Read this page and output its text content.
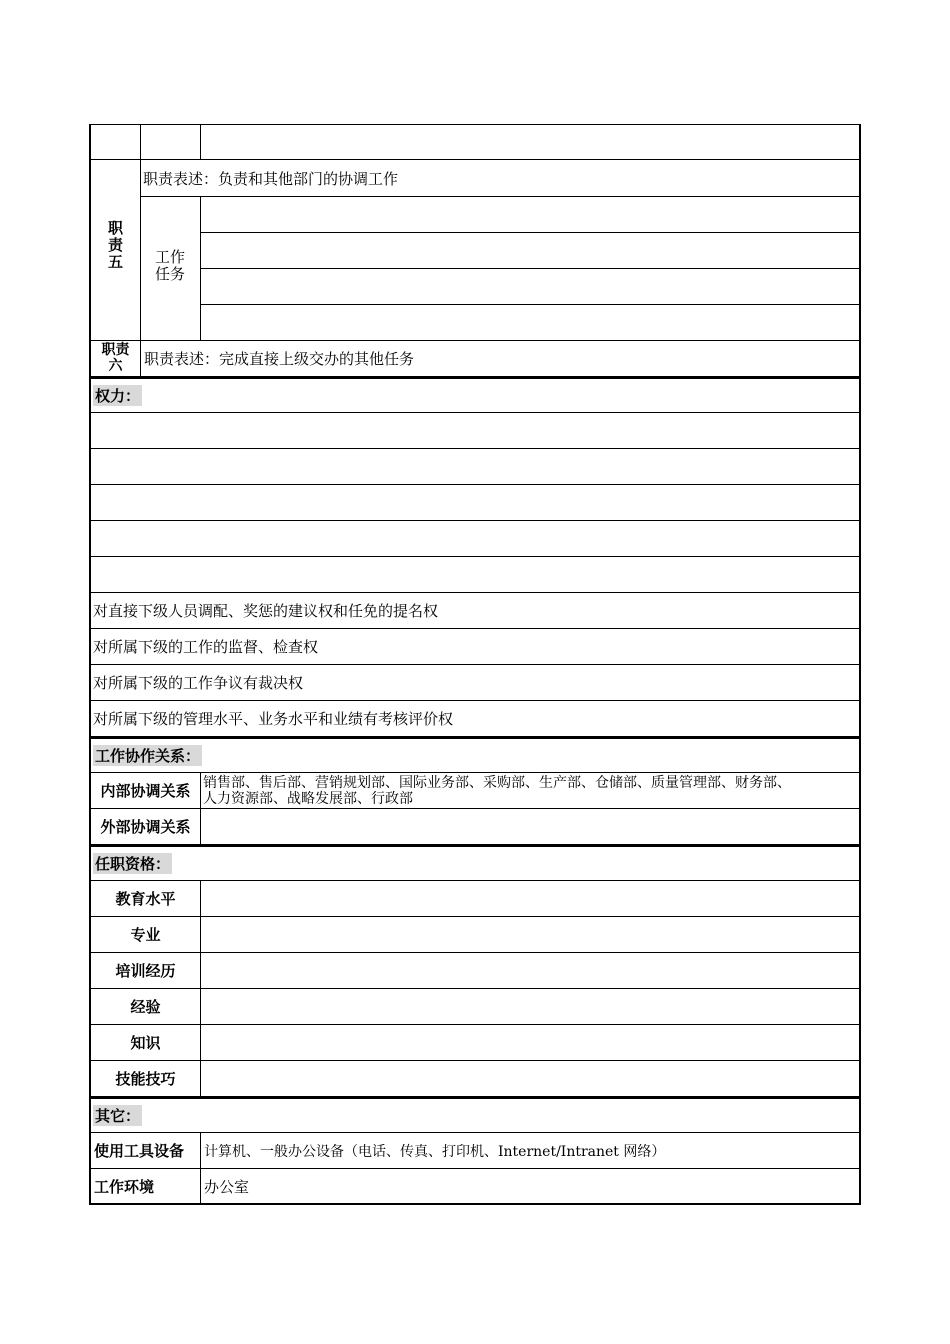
职
责
五
职责表述：负责和其他部门的协调工作
工作
任务
职责
六	职责表述：完成直接上级交办的其他任务
权力：
对直接下级人员调配、奖惩的建议权和任免的提名权
对所属下级的工作的监督、检查权
对所属下级的工作争议有裁决权
对所属下级的管理水平、业务水平和业绩有考核评价权
工作协作关系：
内部协调关系 销售部、售后部、营销规划部、国际业务部、采购部、生产部、仓储部、质量管理部、财务部、
人力资源部、战略发展部、行政部
外部协调关系
任职资格：
教育水平
专业
培训经历
经验
知识
技能技巧
其它：
使用工具设备 计算机、一般办公设备（电话、传真、打印机、Internet/Intranet 网络）
工作环境	办公室
